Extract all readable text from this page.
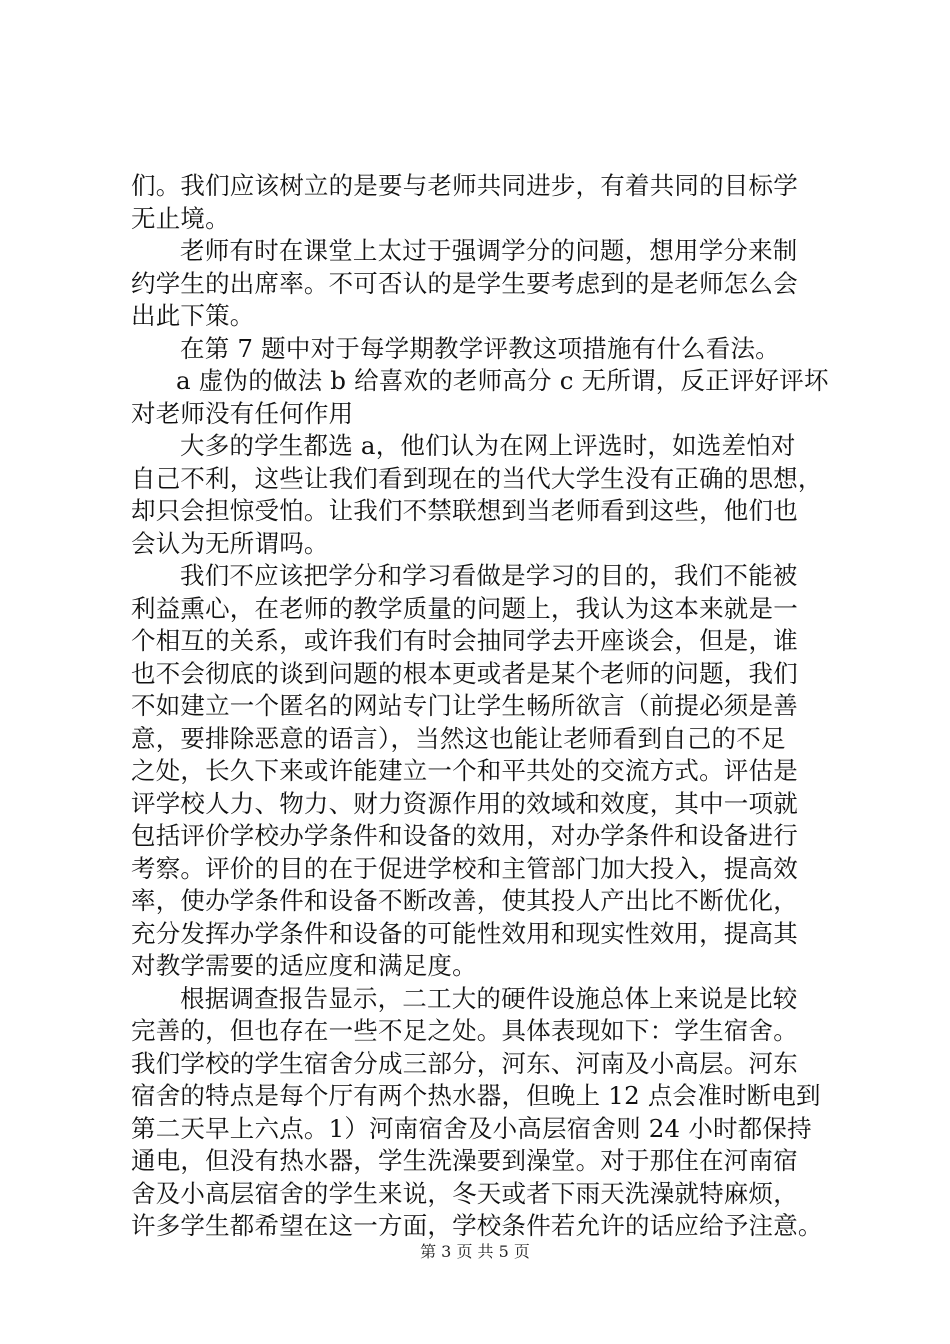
们。我们应该树立的是要与老师共同进步，有着共同的目标学
无止境。
老师有时在课堂上太过于强调学分的问题，想用学分来制
约学生的出席率。不可否认的是学生要考虑到的是老师怎么会
出此下策。
在第 7 题中对于每学期教学评教这项措施有什么看法。
a 虚伪的做法 b 给喜欢的老师高分 c 无所谓，反正评好评坏
对老师没有任何作用
大多的学生都选 a，他们认为在网上评选时，如选差怕对
自己不利，这些让我们看到现在的当代大学生没有正确的思想，
却只会担惊受怕。让我们不禁联想到当老师看到这些，他们也
会认为无所谓吗。
我们不应该把学分和学习看做是学习的目的，我们不能被
利益熏心，在老师的教学质量的问题上，我认为这本来就是一
个相互的关系，或许我们有时会抽同学去开座谈会，但是，谁
也不会彻底的谈到问题的根本更或者是某个老师的问题，我们
不如建立一个匿名的网站专门让学生畅所欲言（前提必须是善
意，要排除恶意的语言），当然这也能让老师看到自己的不足
之处，长久下来或许能建立一个和平共处的交流方式。评估是
评学校人力、物力、财力资源作用的效域和效度，其中一项就
包括评价学校办学条件和设备的效用，对办学条件和设备进行
考察。评价的目的在于促进学校和主管部门加大投入，提高效
率，使办学条件和设备不断改善，使其投人产出比不断优化，
充分发挥办学条件和设备的可能性效用和现实性效用，提高其
对教学需要的适应度和满足度。
根据调查报告显示，二工大的硬件设施总体上来说是比较
完善的，但也存在一些不足之处。具体表现如下：学生宿舍。
我们学校的学生宿舍分成三部分，河东、河南及小高层。河东
宿舍的特点是每个厅有两个热水器，但晚上 12 点会准时断电到
第二天早上六点。1）河南宿舍及小高层宿舍则 24 小时都保持
通电，但没有热水器，学生洗澡要到澡堂。对于那住在河南宿
舍及小高层宿舍的学生来说，冬天或者下雨天洗澡就特麻烦，
许多学生都希望在这一方面，学校条件若允许的话应给予注意。
第 3 页 共 5 页
